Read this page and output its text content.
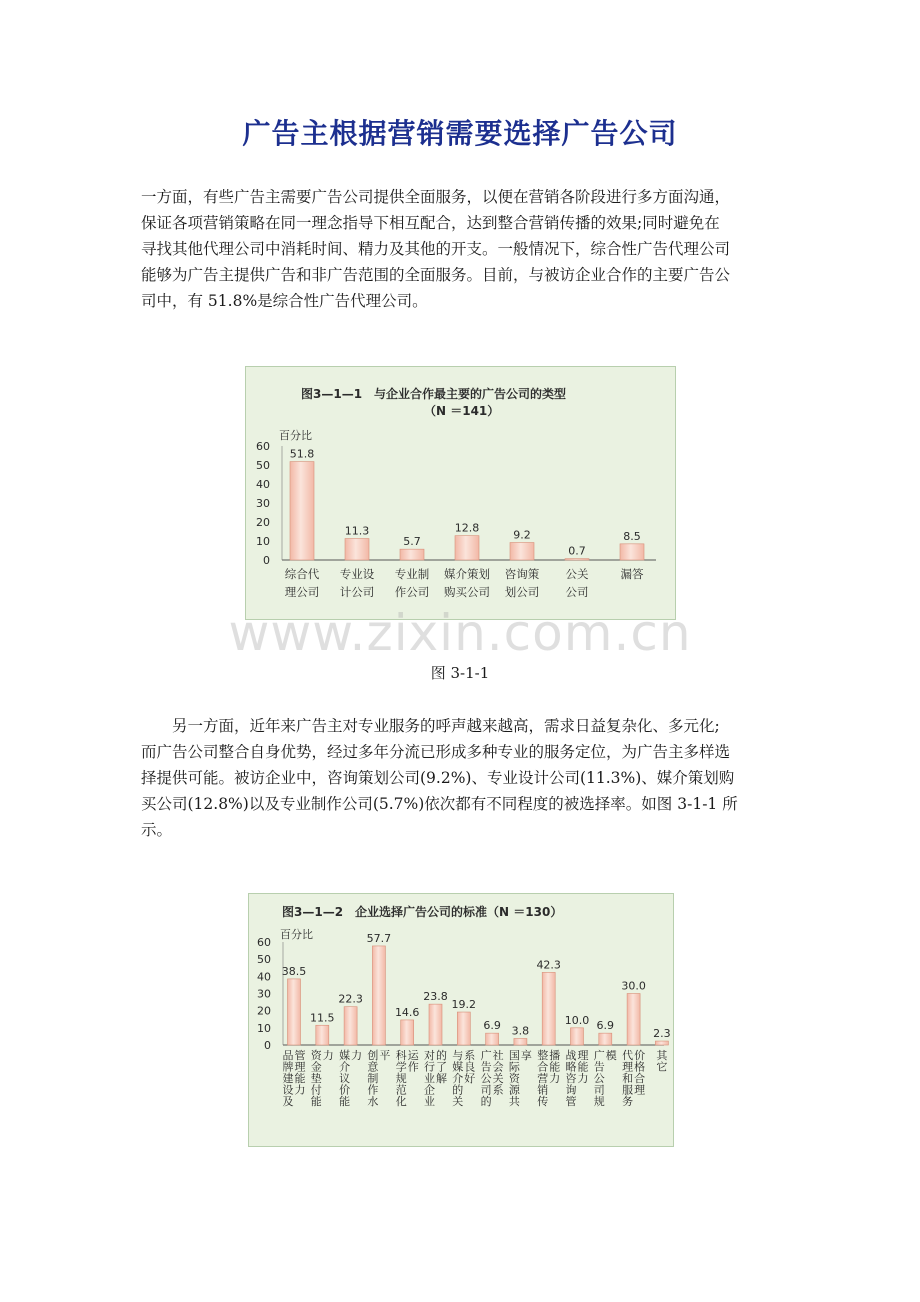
广告主根据营销需要选择广告公司
一方面，有些广告主需要广告公司提供全面服务，以便在营销各阶段进行多方面沟通，
保证各项营销策略在同一理念指导下相互配合，达到整合营销传播的效果;同时避免在
寻找其他代理公司中消耗时间、精力及其他的开支。一般情况下，综合性广告代理公司
能够为广告主提供广告和非广告范围的全面服务。目前，与被访企业合作的主要广告公
司中，有 51.8%是综合性广告代理公司。
图3—1—1　与企业合作最主要的广告公司的类型
（N ＝141）
百分比
0
10
20
30
40
50
60
51.8
综合代
理公司
11.3
专业设
计公司
5.7
专业制
作公司
12.8
媒介策划
购买公司
9.2
咨询策
划公司
0.7
公关
公司
8.5
漏答
www.zixin.com.cn
图 3-1-1
另一方面，近年来广告主对专业服务的呼声越来越高，需求日益复杂化、多元化;
而广告公司整合自身优势，经过多年分流已形成多种专业的服务定位，为广告主多样选
择提供可能。被访企业中，咨询策划公司(9.2%)、专业设计公司(11.3%)、媒介策划购
买公司(12.8%)以及专业制作公司(5.7%)依次都有不同程度的被选择率。如图 3-1-1 所
示。
图3—1—2　企业选择广告公司的标准（N ＝130）
百分比
0
10
20
30
40
50
60
38.5
品牌建设及
管理能力
11.5
资金垫付能
力
22.3
媒介议价能
力
57.7
创意制作水
平
14.6
科学规范化
运作
23.8
对行业企业
的了解
19.2
与媒介的关
系良好
6.9
广告公司的
社会关系
3.8
国际资源共
享
42.3
整合营销传
播能力
10.0
战略咨询管
理能力
6.9
广告公司规
模
30.0
代理和服务
价格合理
2.3
其它
